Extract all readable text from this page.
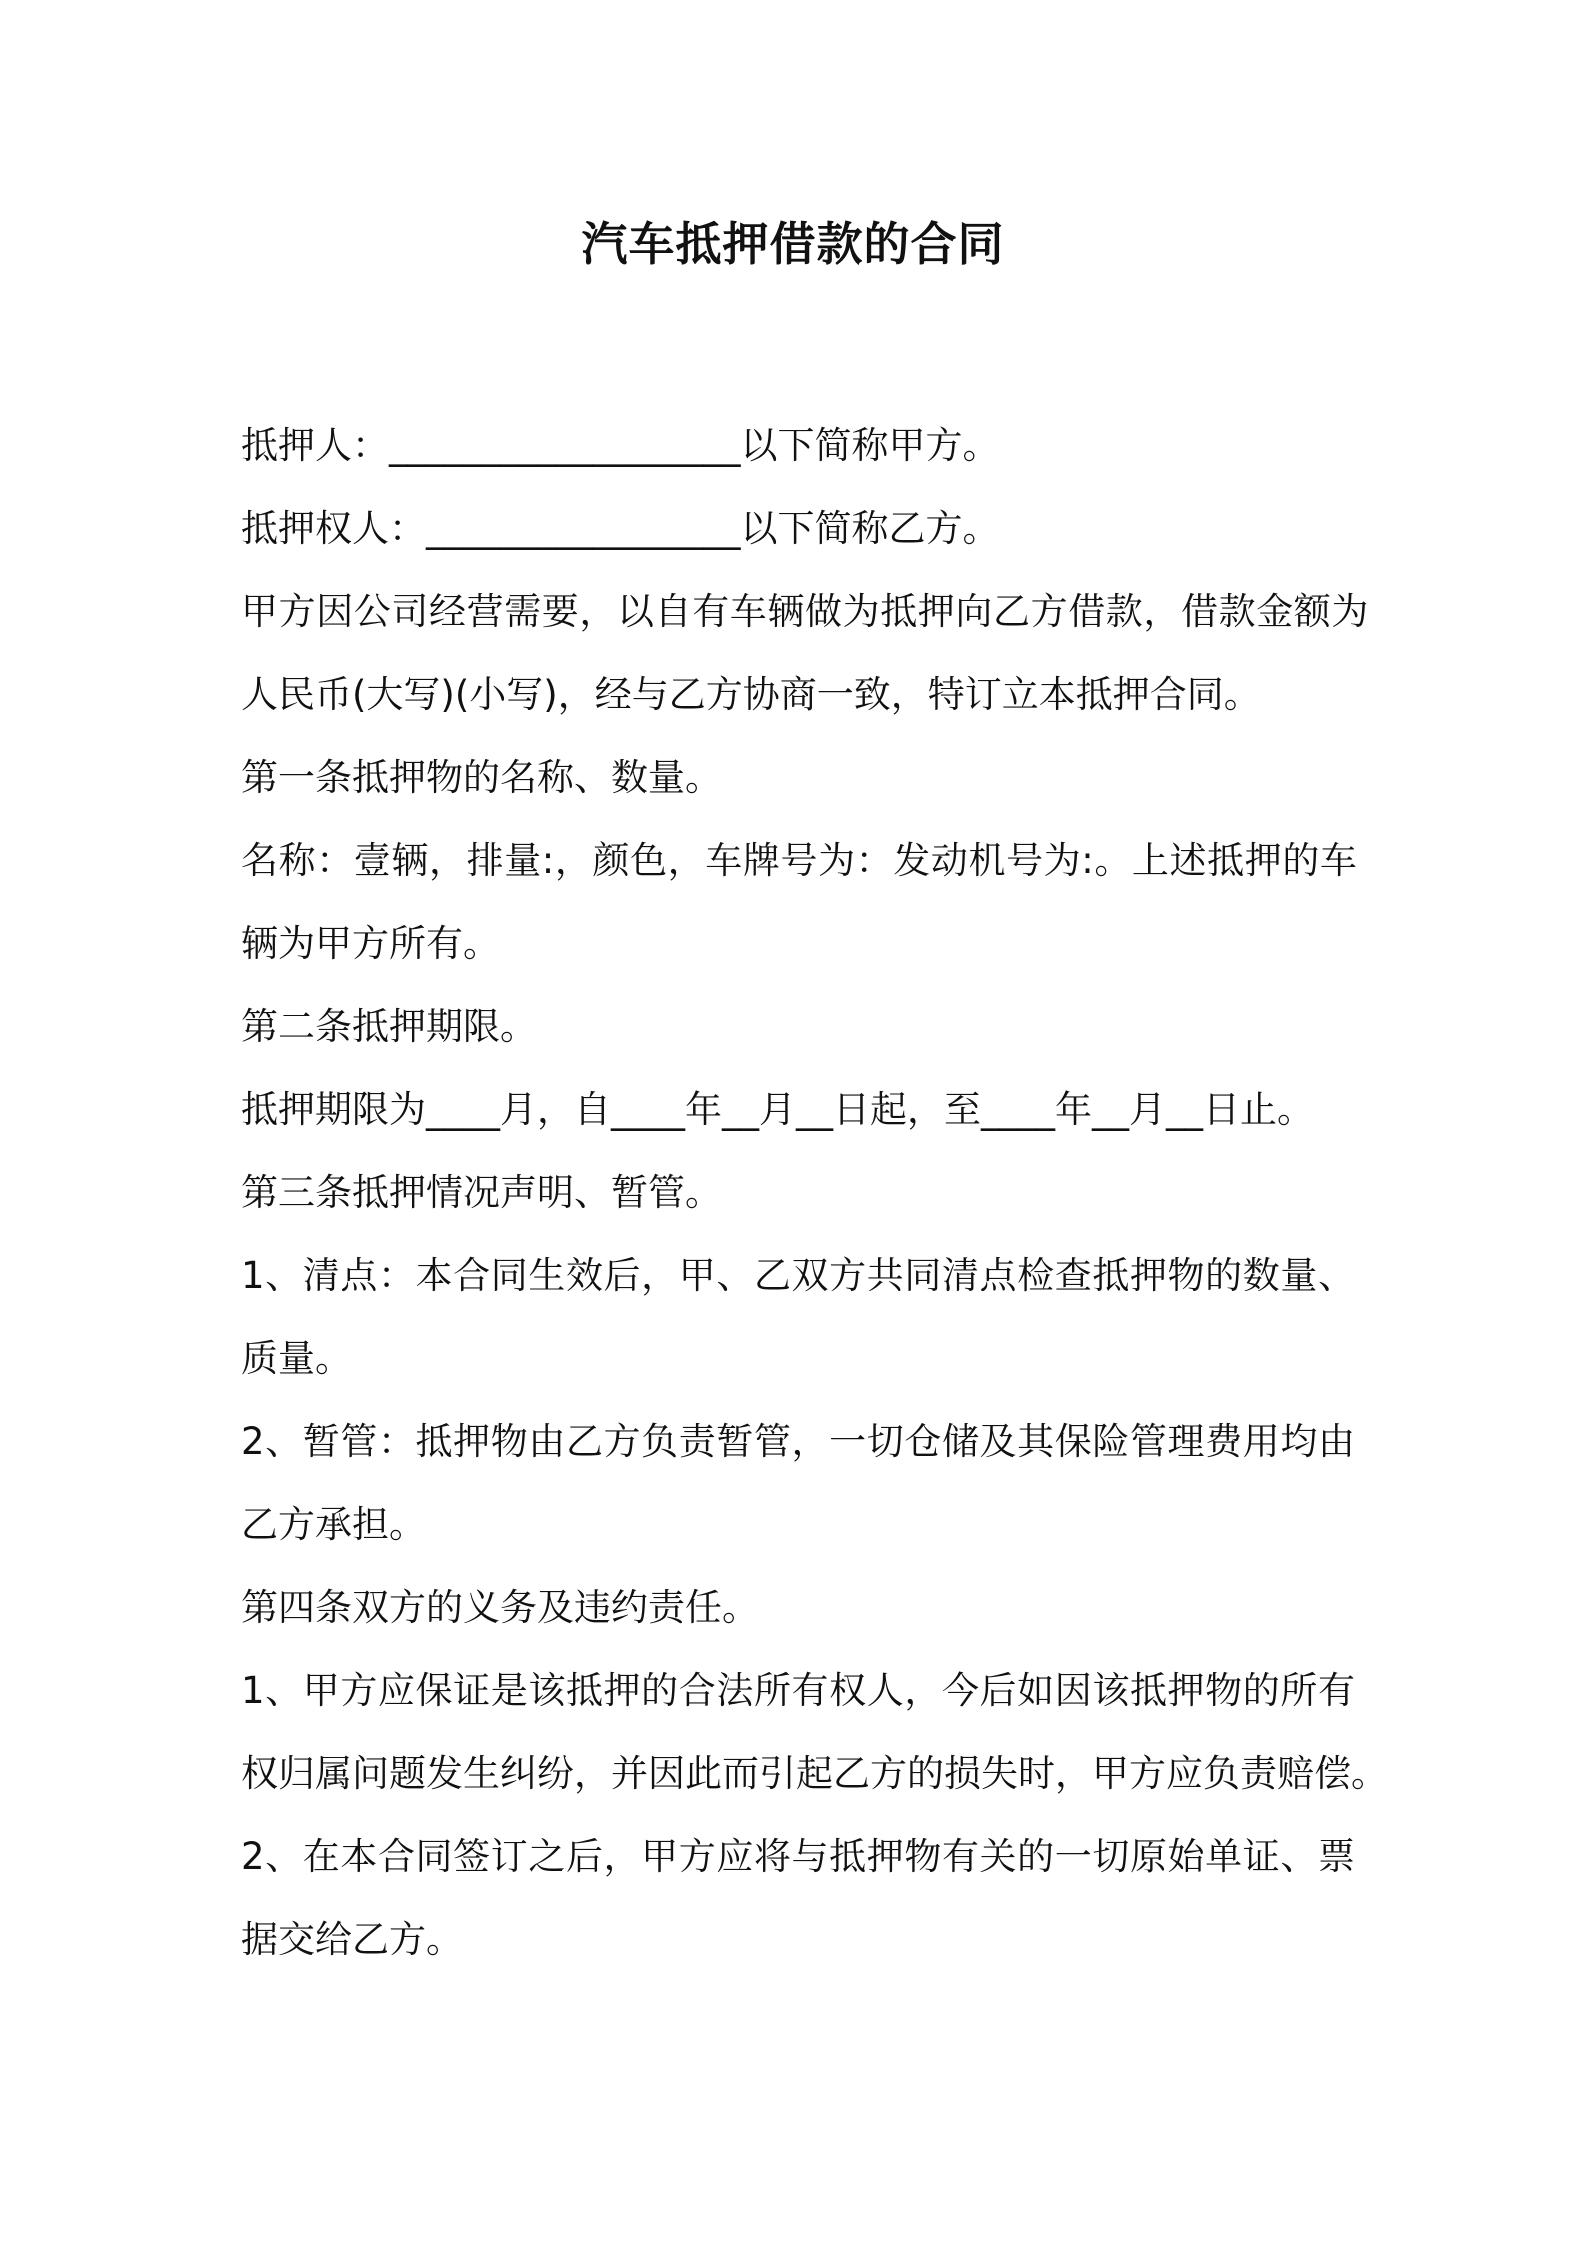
汽车抵押借款的合同
抵押人：___________________以下简称甲方。
抵押权人：_________________以下简称乙方。
甲方因公司经营需要，以自有车辆做为抵押向乙方借款，借款金额为
人民币(大写)(小写)，经与乙方协商一致，特订立本抵押合同。
第一条抵押物的名称、数量。
名称：壹辆，排量:，颜色，车牌号为：发动机号为:。上述抵押的车
辆为甲方所有。
第二条抵押期限。
抵押期限为____月，自____年__月__日起，至____年__月__日止。
第三条抵押情况声明、暂管。
1、清点：本合同生效后，甲、乙双方共同清点检查抵押物的数量、
质量。
2、暂管：抵押物由乙方负责暂管，一切仓储及其保险管理费用均由
乙方承担。
第四条双方的义务及违约责任。
1、甲方应保证是该抵押的合法所有权人，今后如因该抵押物的所有
权归属问题发生纠纷，并因此而引起乙方的损失时，甲方应负责赔偿。
2、在本合同签订之后，甲方应将与抵押物有关的一切原始单证、票
据交给乙方。
